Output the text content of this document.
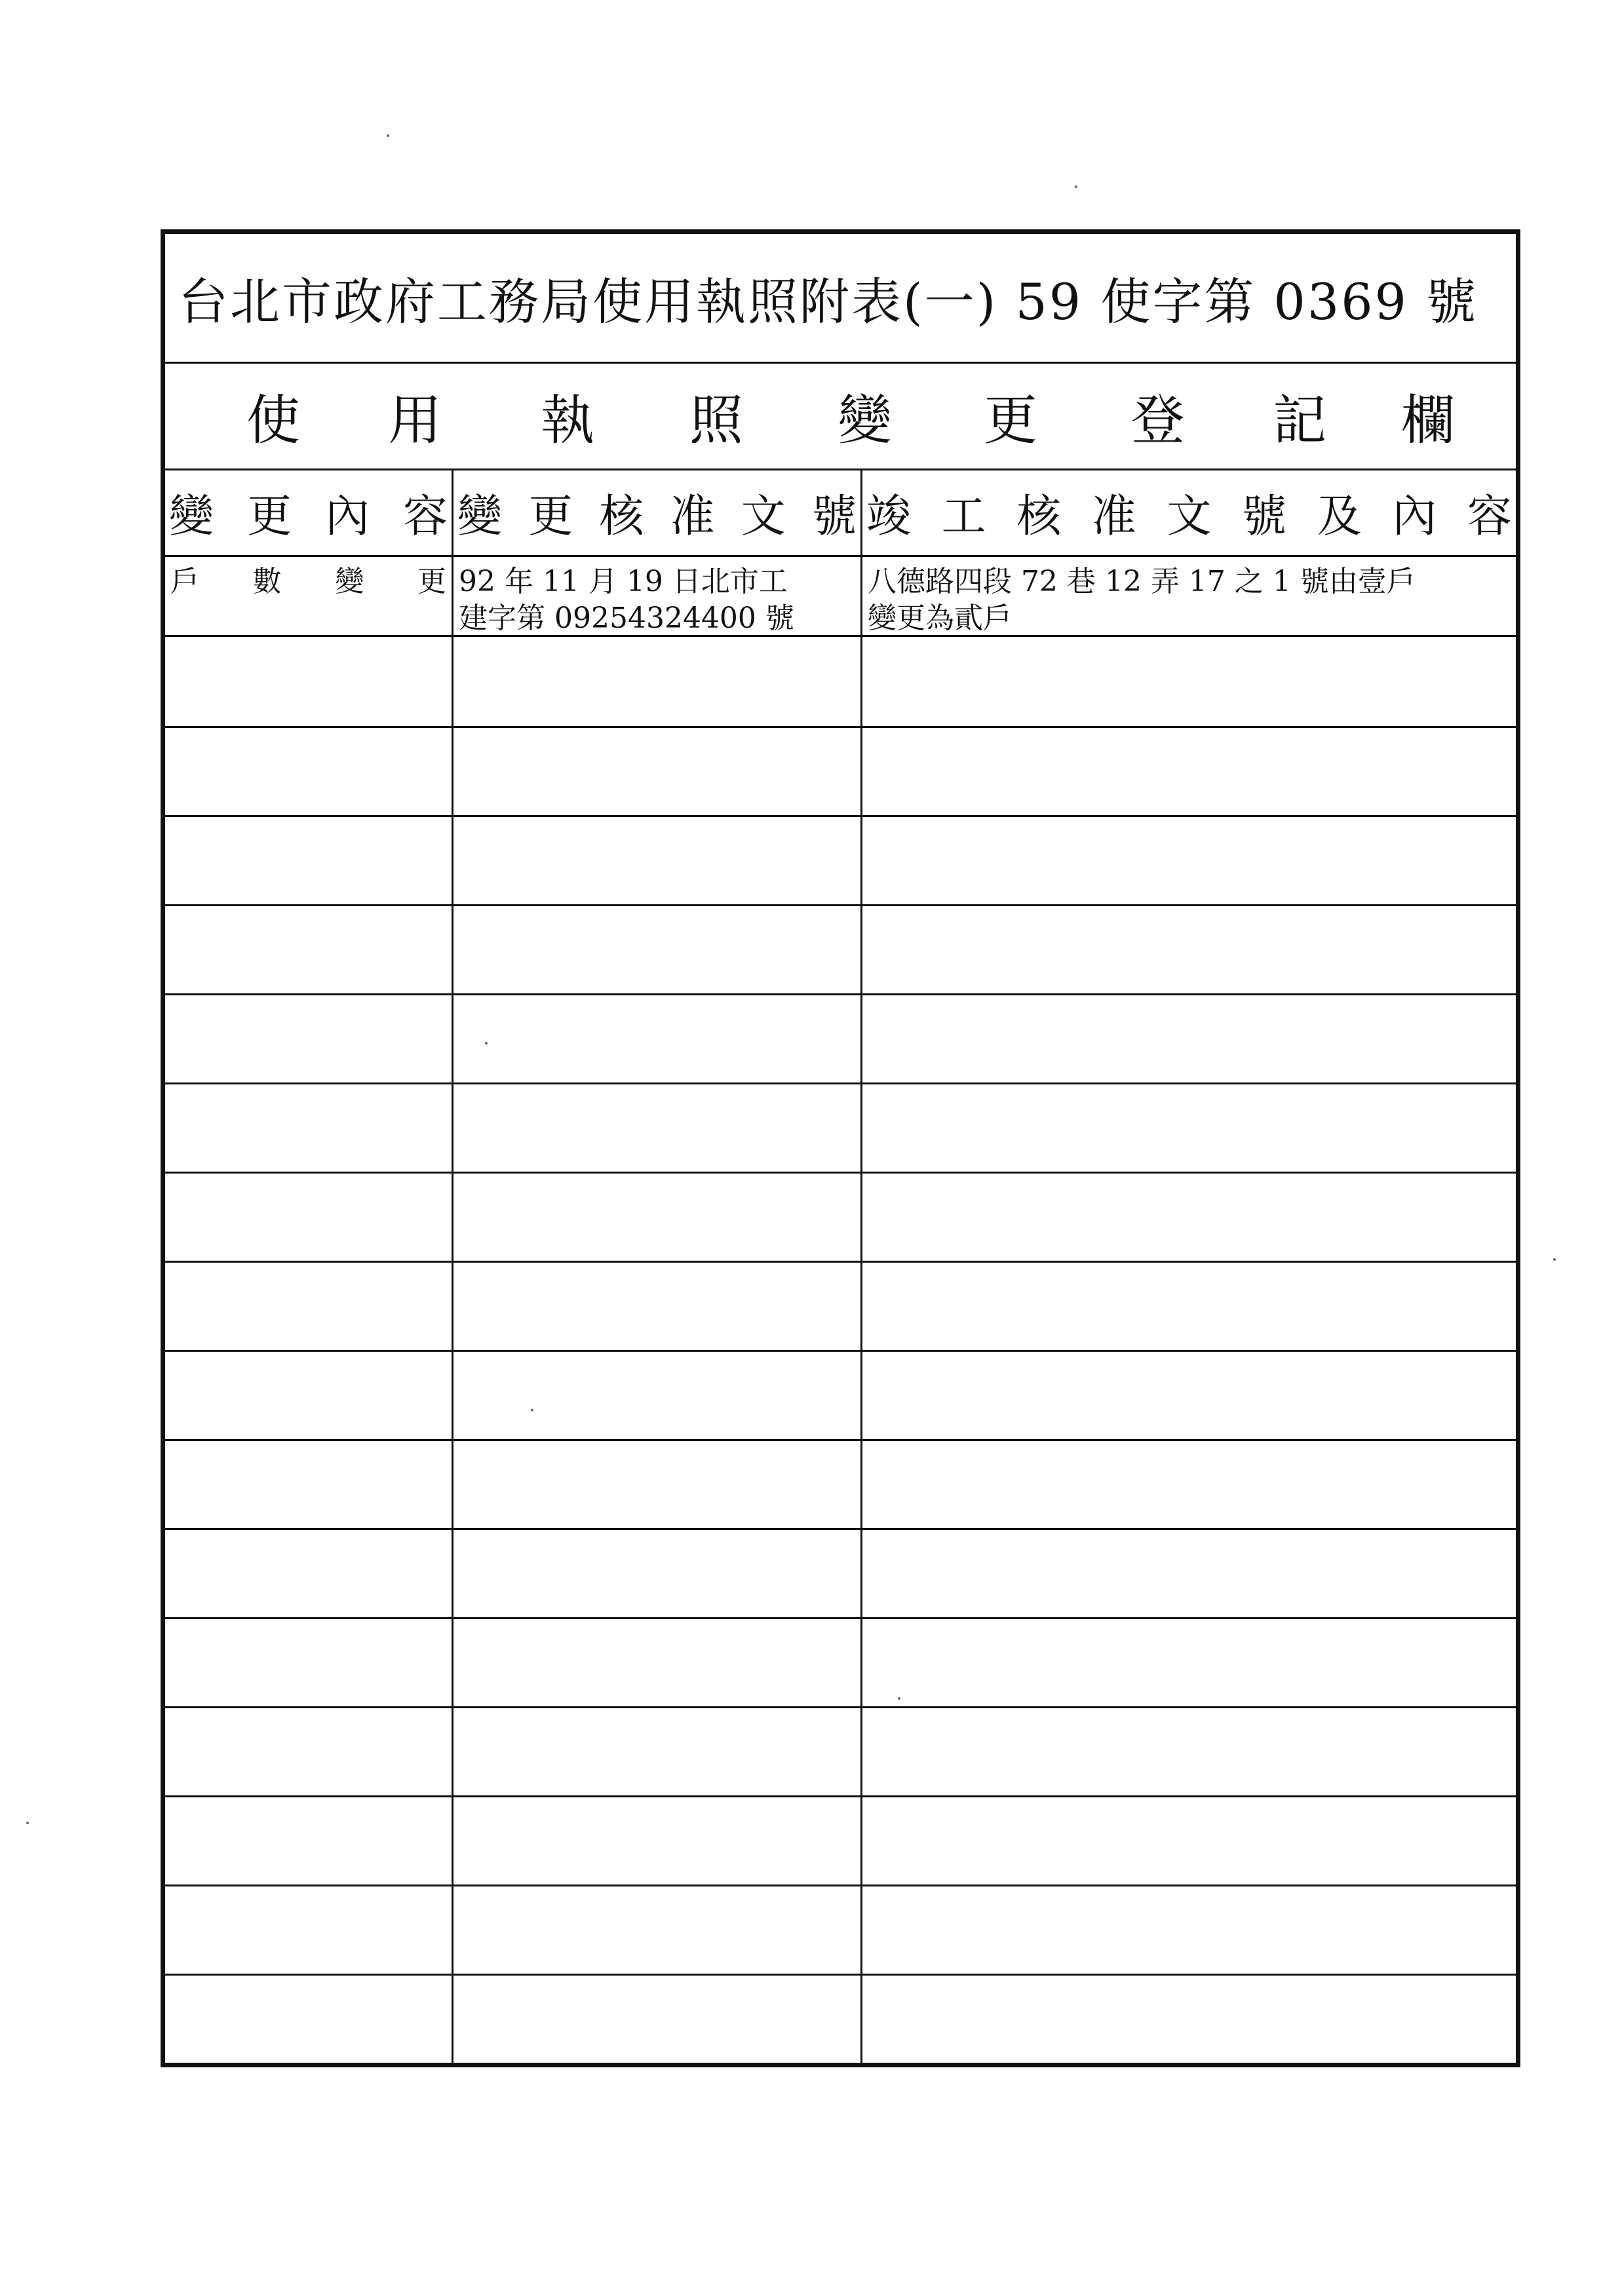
台北市政府工務局使用執照附表(一) 59 使字第 0369 號
使 用 執 照 變 更 登 記 欄
變 更 內 容 變 更 核 准 文 號 竣 工 核 准 文 號 及 內 容
戶 數 變 更 92 年 11 月 19 日北市工
建字第 09254324400 號
八德路四段 72 巷 12 弄 17 之 1 號由壹戶
變更為貳戶
